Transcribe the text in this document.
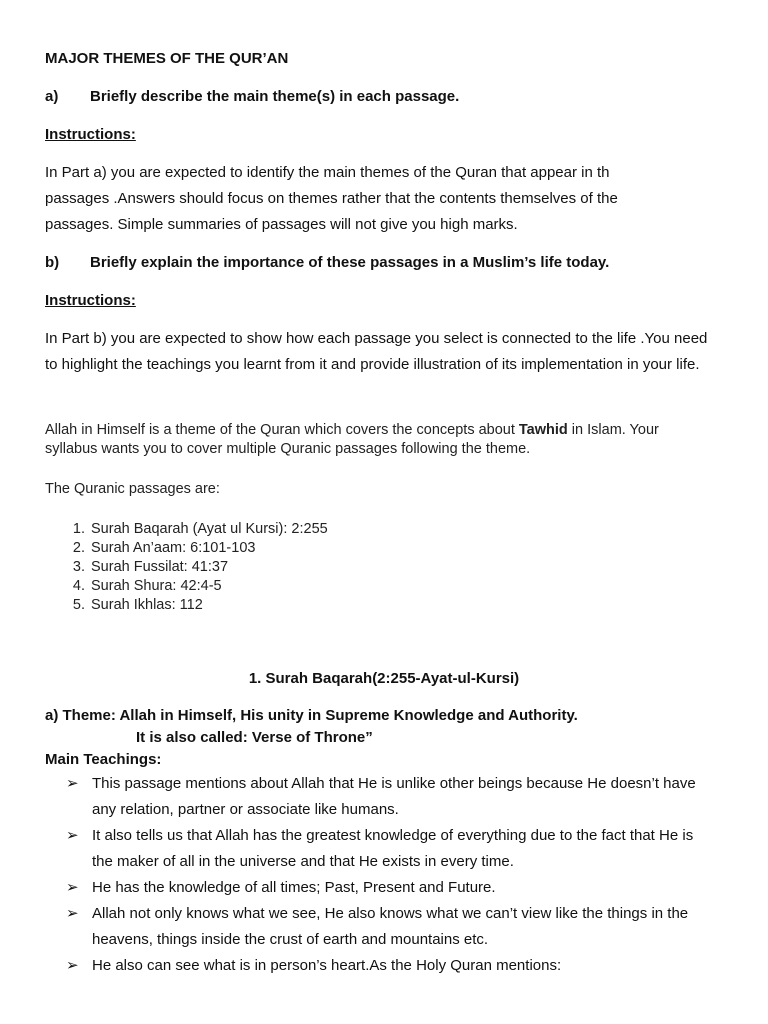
MAJOR THEMES OF THE QUR’AN
a)	Briefly describe the main theme(s) in each passage.
Instructions:
In Part a) you are expected to identify the main themes of the Quran that appear in th passages .Answers should focus on themes rather that the contents themselves of the passages. Simple summaries of passages will not give you high marks.
b)	Briefly explain the importance of these passages in a Muslim’s life today.
Instructions:
In Part b) you are expected to show how each passage you select is connected to the life .You need to highlight the teachings you learnt from it and provide illustration of its implementation in your life.
Allah in Himself is a theme of the Quran which covers the concepts about Tawhid in Islam. Your syllabus wants you to cover multiple Quranic passages following the theme.
The Quranic passages are:
1. Surah Baqarah (Ayat ul Kursi): 2:255
2. Surah An’aam: 6:101-103
3. Surah Fussilat: 41:37
4. Surah Shura: 42:4-5
5. Surah Ikhlas: 112
1. Surah Baqarah(2:255-Ayat-ul-Kursi)
a) Theme: Allah in Himself, His unity in Supreme Knowledge and Authority.
It is also called: Verse of Throne”
Main Teachings:
➢ This passage mentions about Allah that He is unlike other beings because He doesn’t have any relation, partner or associate like humans.
➢ It also tells us that Allah has the greatest knowledge of everything due to the fact that He is the maker of all in the universe and that He exists in every time.
➢ He has the knowledge of all times; Past, Present and Future.
➢ Allah not only knows what we see, He also knows what we can’t view like the things in the heavens, things inside the crust of earth and mountains etc.
➢ He also can see what is in person’s heart.As the Holy Quran mentions:
